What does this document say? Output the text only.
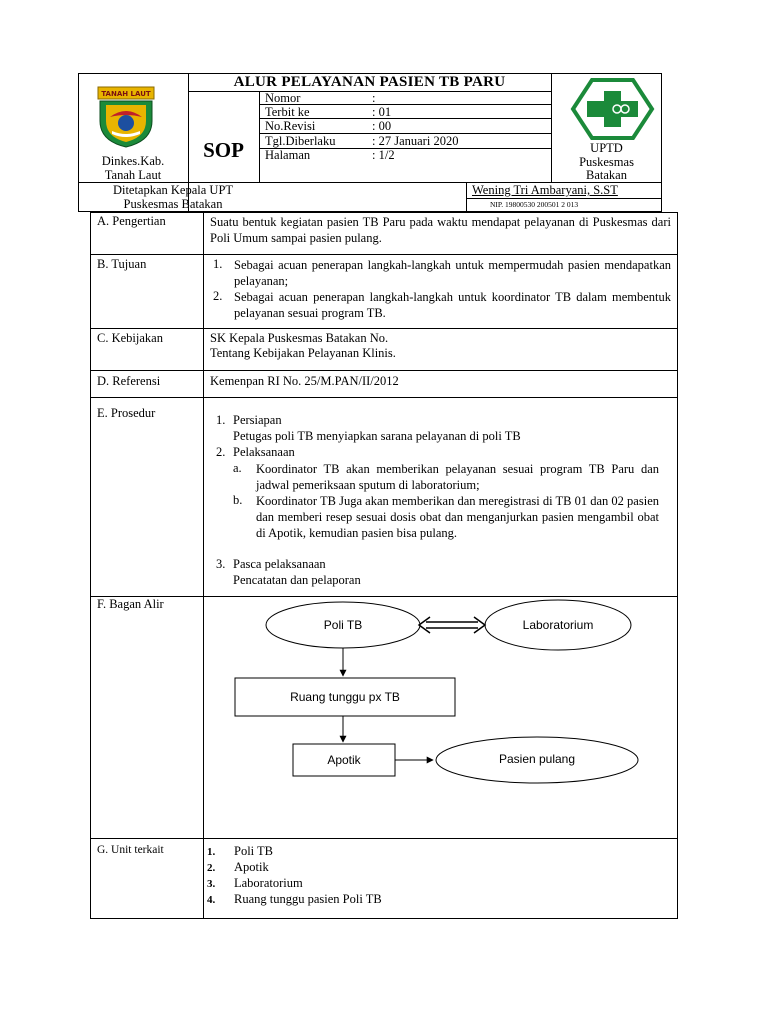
TANAH LAUT
Dinkes.Kab.
Tanah Laut
ALUR PELAYANAN PASIEN TB PARU
SOP
Nomor	:
Terbit ke	: 01
No.Revisi	: 00
Tgl.Diberlaku	: 27 Januari 2020
Halaman	: 1/2	UPTD
Puskesmas
Batakan
Ditetapkan Kepala UPT
Puskesmas Batakan
Wening Tri Ambaryani, S.ST
NIP. 19800530 200501 2 013
A. Pengertian	Suatu bentuk kegiatan pasien TB Paru pada waktu mendapat pelayanan di Puskesmas dari Poli Umum sampai pasien pulang.
B. Tujuan	1. Sebagai acuan penerapan langkah-langkah untuk mempermudah pasien mendapatkan pelayanan;
2. Sebagai acuan penerapan langkah-langkah untuk koordinator TB dalam membentuk pelayanan sesuai program TB.
C. Kebijakan	SK Kepala Puskesmas Batakan No.
Tentang Kebijakan Pelayanan Klinis.
D. Referensi	Kemenpan RI No. 25/M.PAN/II/2012
E. Prosedur	1. Persiapan
Petugas poli TB menyiapkan sarana pelayanan di poli TB
2. Pelaksanaan
a. Koordinator TB akan memberikan pelayanan sesuai program TB Paru dan jadwal pemeriksaan sputum di laboratorium;
b. Koordinator TB Juga akan memberikan dan meregistrasi di TB 01 dan 02 pasien dan memberi resep sesuai dosis obat dan menganjurkan pasien mengambil obat di Apotik, kemudian pasien bisa pulang.
3. Pasca pelaksanaan
Pencatatan dan pelaporan
F. Bagan Alir
Poli TB	Laboratorium
Ruang tunggu px TB
Apotik	Pasien pulang
G. Unit terkait	1. Poli TB
2. Apotik
3. Laboratorium
4. Ruang tunggu pasien Poli TB
